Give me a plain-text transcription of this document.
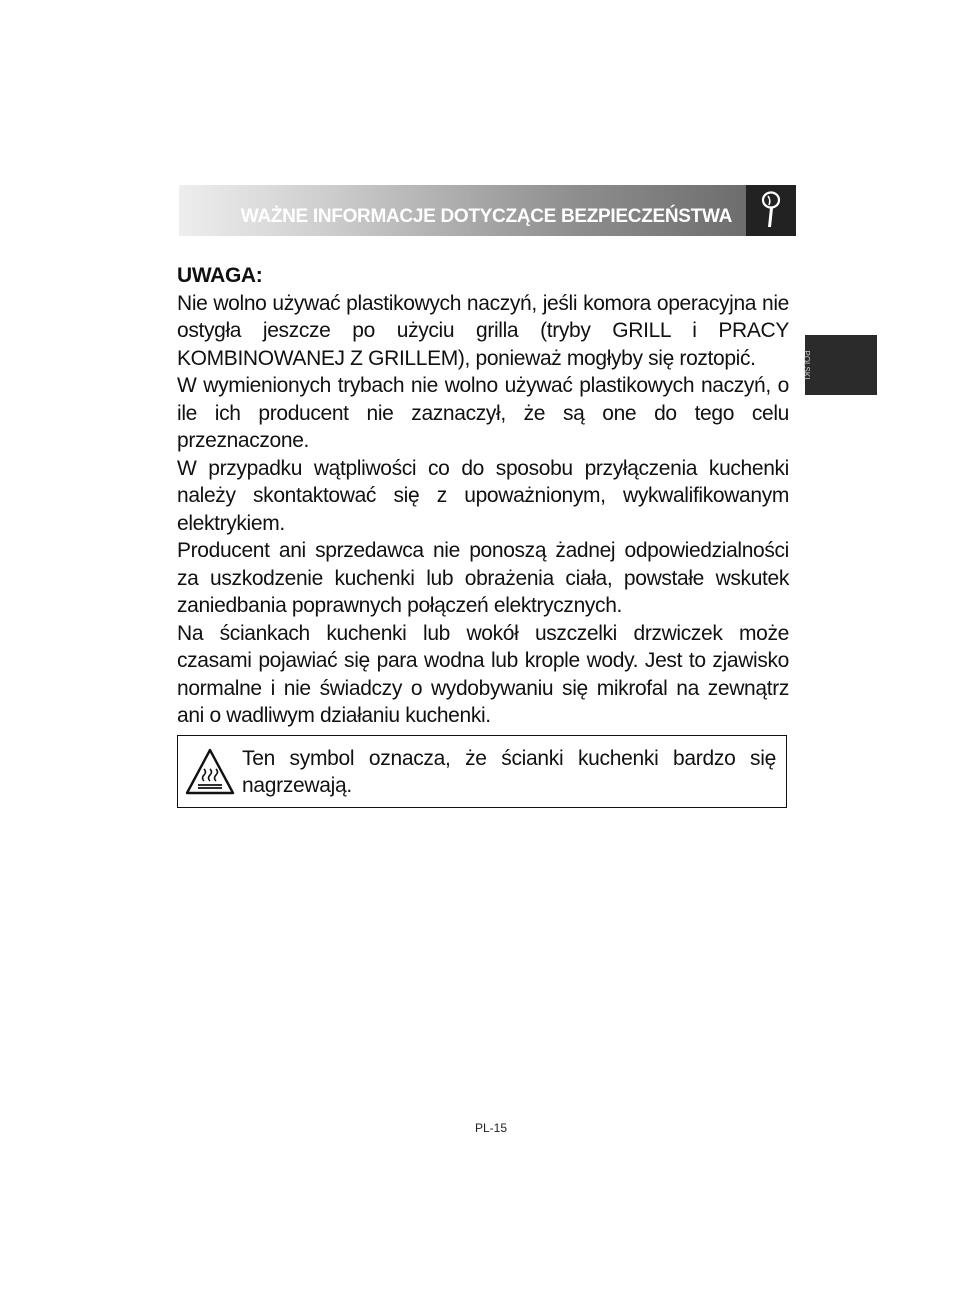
WAŻNE INFORMACJE DOTYCZĄCE BEZPIECZEŃSTWA
POLSKI

UWAGA:

Nie wolno używać plastikowych naczyń, jeśli komora operacyjna nie ostygła jeszcze po użyciu grilla (tryby GRILL i PRACY KOMBINOWANEJ Z GRILLEM), ponieważ mogłyby się roztopić.

W wymienionych trybach nie wolno używać plastikowych naczyń, o ile ich producent nie zaznaczył, że są one do tego celu przeznaczone.

W przypadku wątpliwości co do sposobu przyłączenia kuchenki należy skontaktować się z upoważnionym, wykwalifikowanym elektrykiem.

Producent ani sprzedawca nie ponoszą żadnej odpowiedzialności za uszkodzenie kuchenki lub obrażenia ciała, powstałe wskutek zaniedbania poprawnych połączeń elektrycznych.

Na ściankach kuchenki lub wokół uszczelki drzwiczek może czasami pojawiać się para wodna lub krople wody. Jest to zjawisko normalne i nie świadczy o wydobywaniu się mikrofal na zewnątrz ani o wadliwym działaniu kuchenki.

Ten symbol oznacza, że ścianki kuchenki bardzo się nagrzewają.
PL-15
